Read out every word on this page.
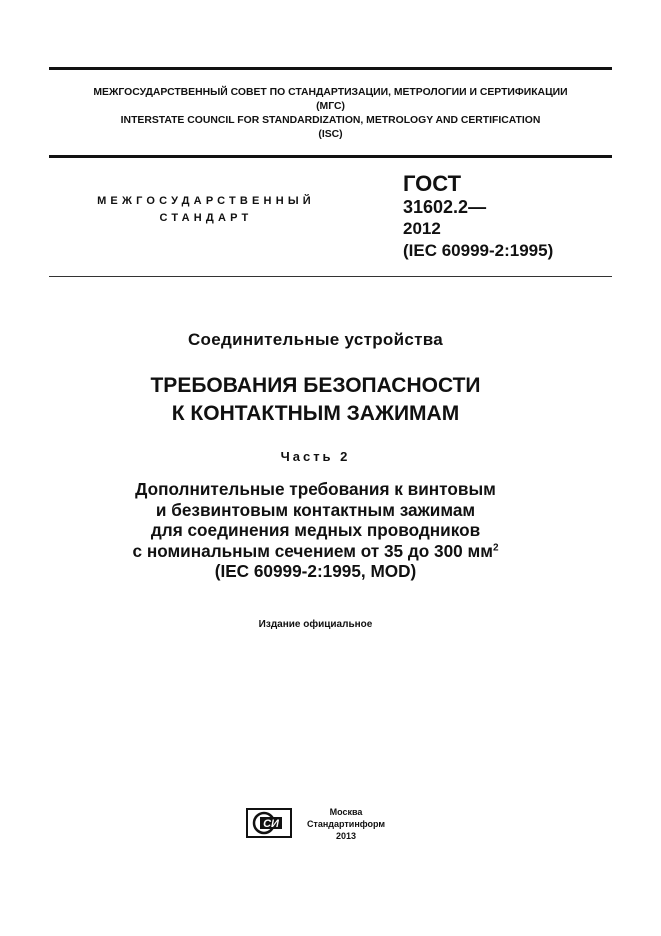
МЕЖГОСУДАРСТВЕННЫЙ СОВЕТ ПО СТАНДАРТИЗАЦИИ, МЕТРОЛОГИИ И СЕРТИФИКАЦИИ
(МГС)
INTERSTATE COUNCIL FOR STANDARDIZATION, METROLOGY AND CERTIFICATION
(ISC)
МЕЖГОСУДАРСТВЕННЫЙ
СТАНДАРТ
ГОСТ
31602.2—
2012
(IEC 60999-2:1995)
Соединительные устройства
ТРЕБОВАНИЯ БЕЗОПАСНОСТИ
К КОНТАКТНЫМ ЗАЖИМАМ
Часть 2
Дополнительные требования к винтовым
и безвинтовым контактным зажимам
для соединения медных проводников
с номинальным сечением от 35 до 300 $мм^2$
(IEC 60999-2:1995, MOD)
Издание официальное
СИ
Москва
Стандартинформ
2013
